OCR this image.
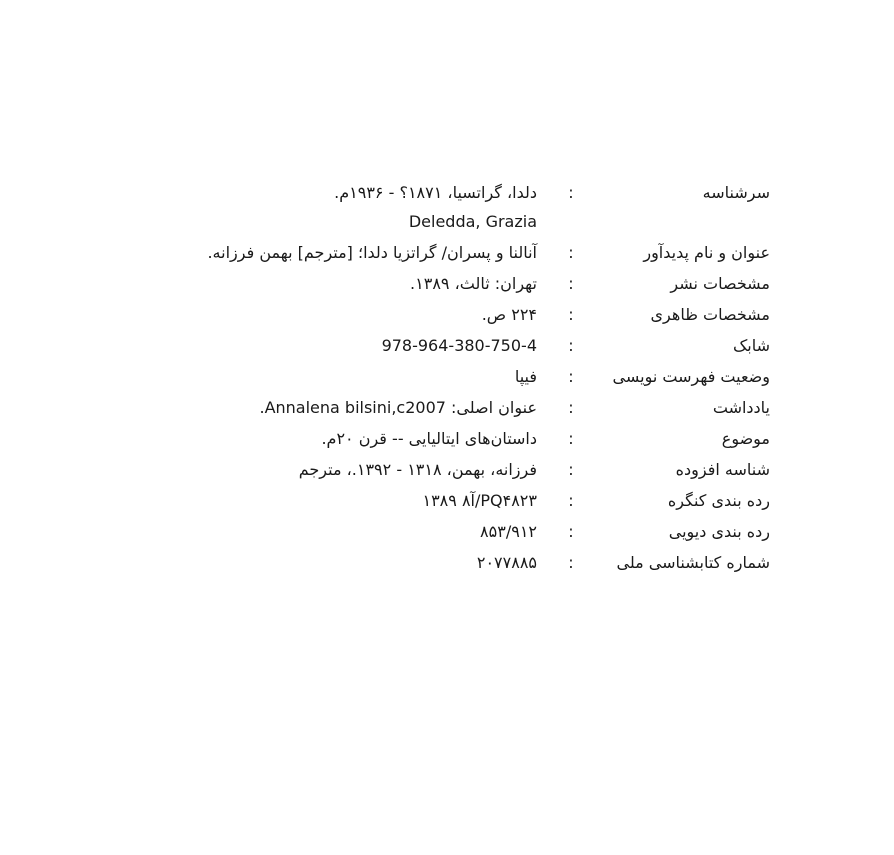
سرشناسه
:
دلدا، گراتسیا، ۱۸۷۱؟ - ۱۹۳۶م.
Deledda, Grazia
عنوان و نام پدیدآور
:
آنالنا و پسران/ گراتزیا دلدا؛ [مترجم] بهمن فرزانه.
مشخصات نشر
:
تهران: ثالث، ۱۳۸۹.
مشخصات ظاهری
:
۲۲۴ ص.
شابک
:
978-964-380-750-4
وضعیت فهرست نویسی
:
فیپا
یادداشت
:
عنوان اصلی: Annalena bilsini,c2007.
موضوع
:
داستان‌های ایتالیایی -- قرن ۲۰م.
شناسه افزوده
:
فرزانه، بهمن، ۱۳۱۸ - ۱۳۹۲.، مترجم
رده بندی کنگره
:
PQ۴۸۲۳/آ۸ ۱۳۸۹
رده بندی دیویی
:
۸۵۳/۹۱۲
شماره کتابشناسی ملی
:
۲۰۷۷۸۸۵
